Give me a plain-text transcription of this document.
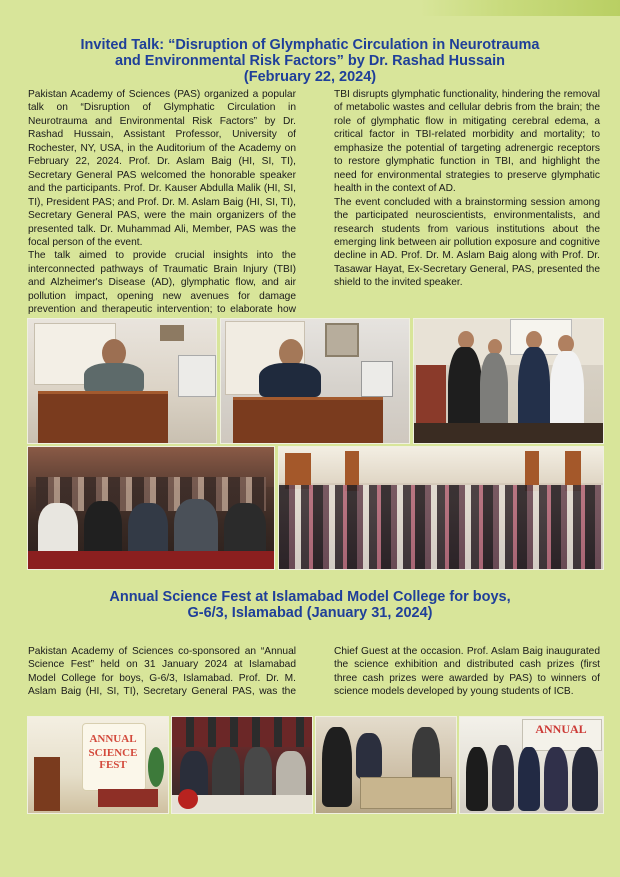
Invited Talk: “Disruption of Glymphatic Circulation in Neurotrauma
and Environmental Risk Factors” by Dr. Rashad Hussain
(February 22, 2024)

Pakistan Academy of Sciences (PAS) organized a popular talk on “Disruption of Glymphatic Circulation in Neurotrauma and Environmental Risk Factors” by Dr. Rashad Hussain, Assistant Professor, University of Rochester, NY, USA, in the Auditorium of the Academy on February 22, 2024. Prof. Dr. Aslam Baig (HI, SI, TI), Secretary General PAS welcomed the honorable speaker and the participants. Prof. Dr. Kauser Abdulla Malik (HI, SI, TI), President PAS; and Prof. Dr. M. Aslam Baig (HI, SI, TI), Secretary General PAS, were the main organizers of the presented talk. Dr. Muhammad Ali, Member, PAS was the focal person of the event.

The talk aimed to provide crucial insights into the interconnected pathways of Traumatic Brain Injury (TBI) and Alzheimer's Disease (AD), glymphatic flow, and air pollution impact, opening new avenues for damage prevention and therapeutic intervention; to elaborate how

TBI disrupts glymphatic functionality, hindering the removal of metabolic wastes and cellular debris from the brain; the role of glymphatic flow in mitigating cerebral edema, a critical factor in TBI-related morbidity and mortality; to emphasize the potential of targeting adrenergic receptors to restore glymphatic function in TBI, and highlight the need for environmental strategies to preserve glymphatic health in the context of AD.

The event concluded with a brainstorming session among the participated neuroscientists, environmentalists, and research students from various institutions about the emerging link between air pollution exposure and cognitive decline in AD. Prof. Dr. M. Aslam Baig along with Prof. Dr. Tasawar Hayat, Ex-Secretary General, PAS, presented the shield to the invited speaker.

Annual Science Fest at Islamabad Model College for boys,
G-6/3, Islamabad (January 31, 2024)

Pakistan Academy of Sciences co-sponsored an “Annual Science Fest” held on 31 January 2024 at Islamabad Model College for boys, G-6/3, Islamabad. Prof. Dr. M. Aslam Baig (HI, SI, TI), Secretary General PAS, was the

Chief Guest at the occasion. Prof. Aslam Baig inaugurated the science exhibition and distributed cash prizes (first three cash prizes were awarded by PAS) to winners of science models developed by young students of ICB.

ANNUAL
SCIENCE FEST
ANNUAL
